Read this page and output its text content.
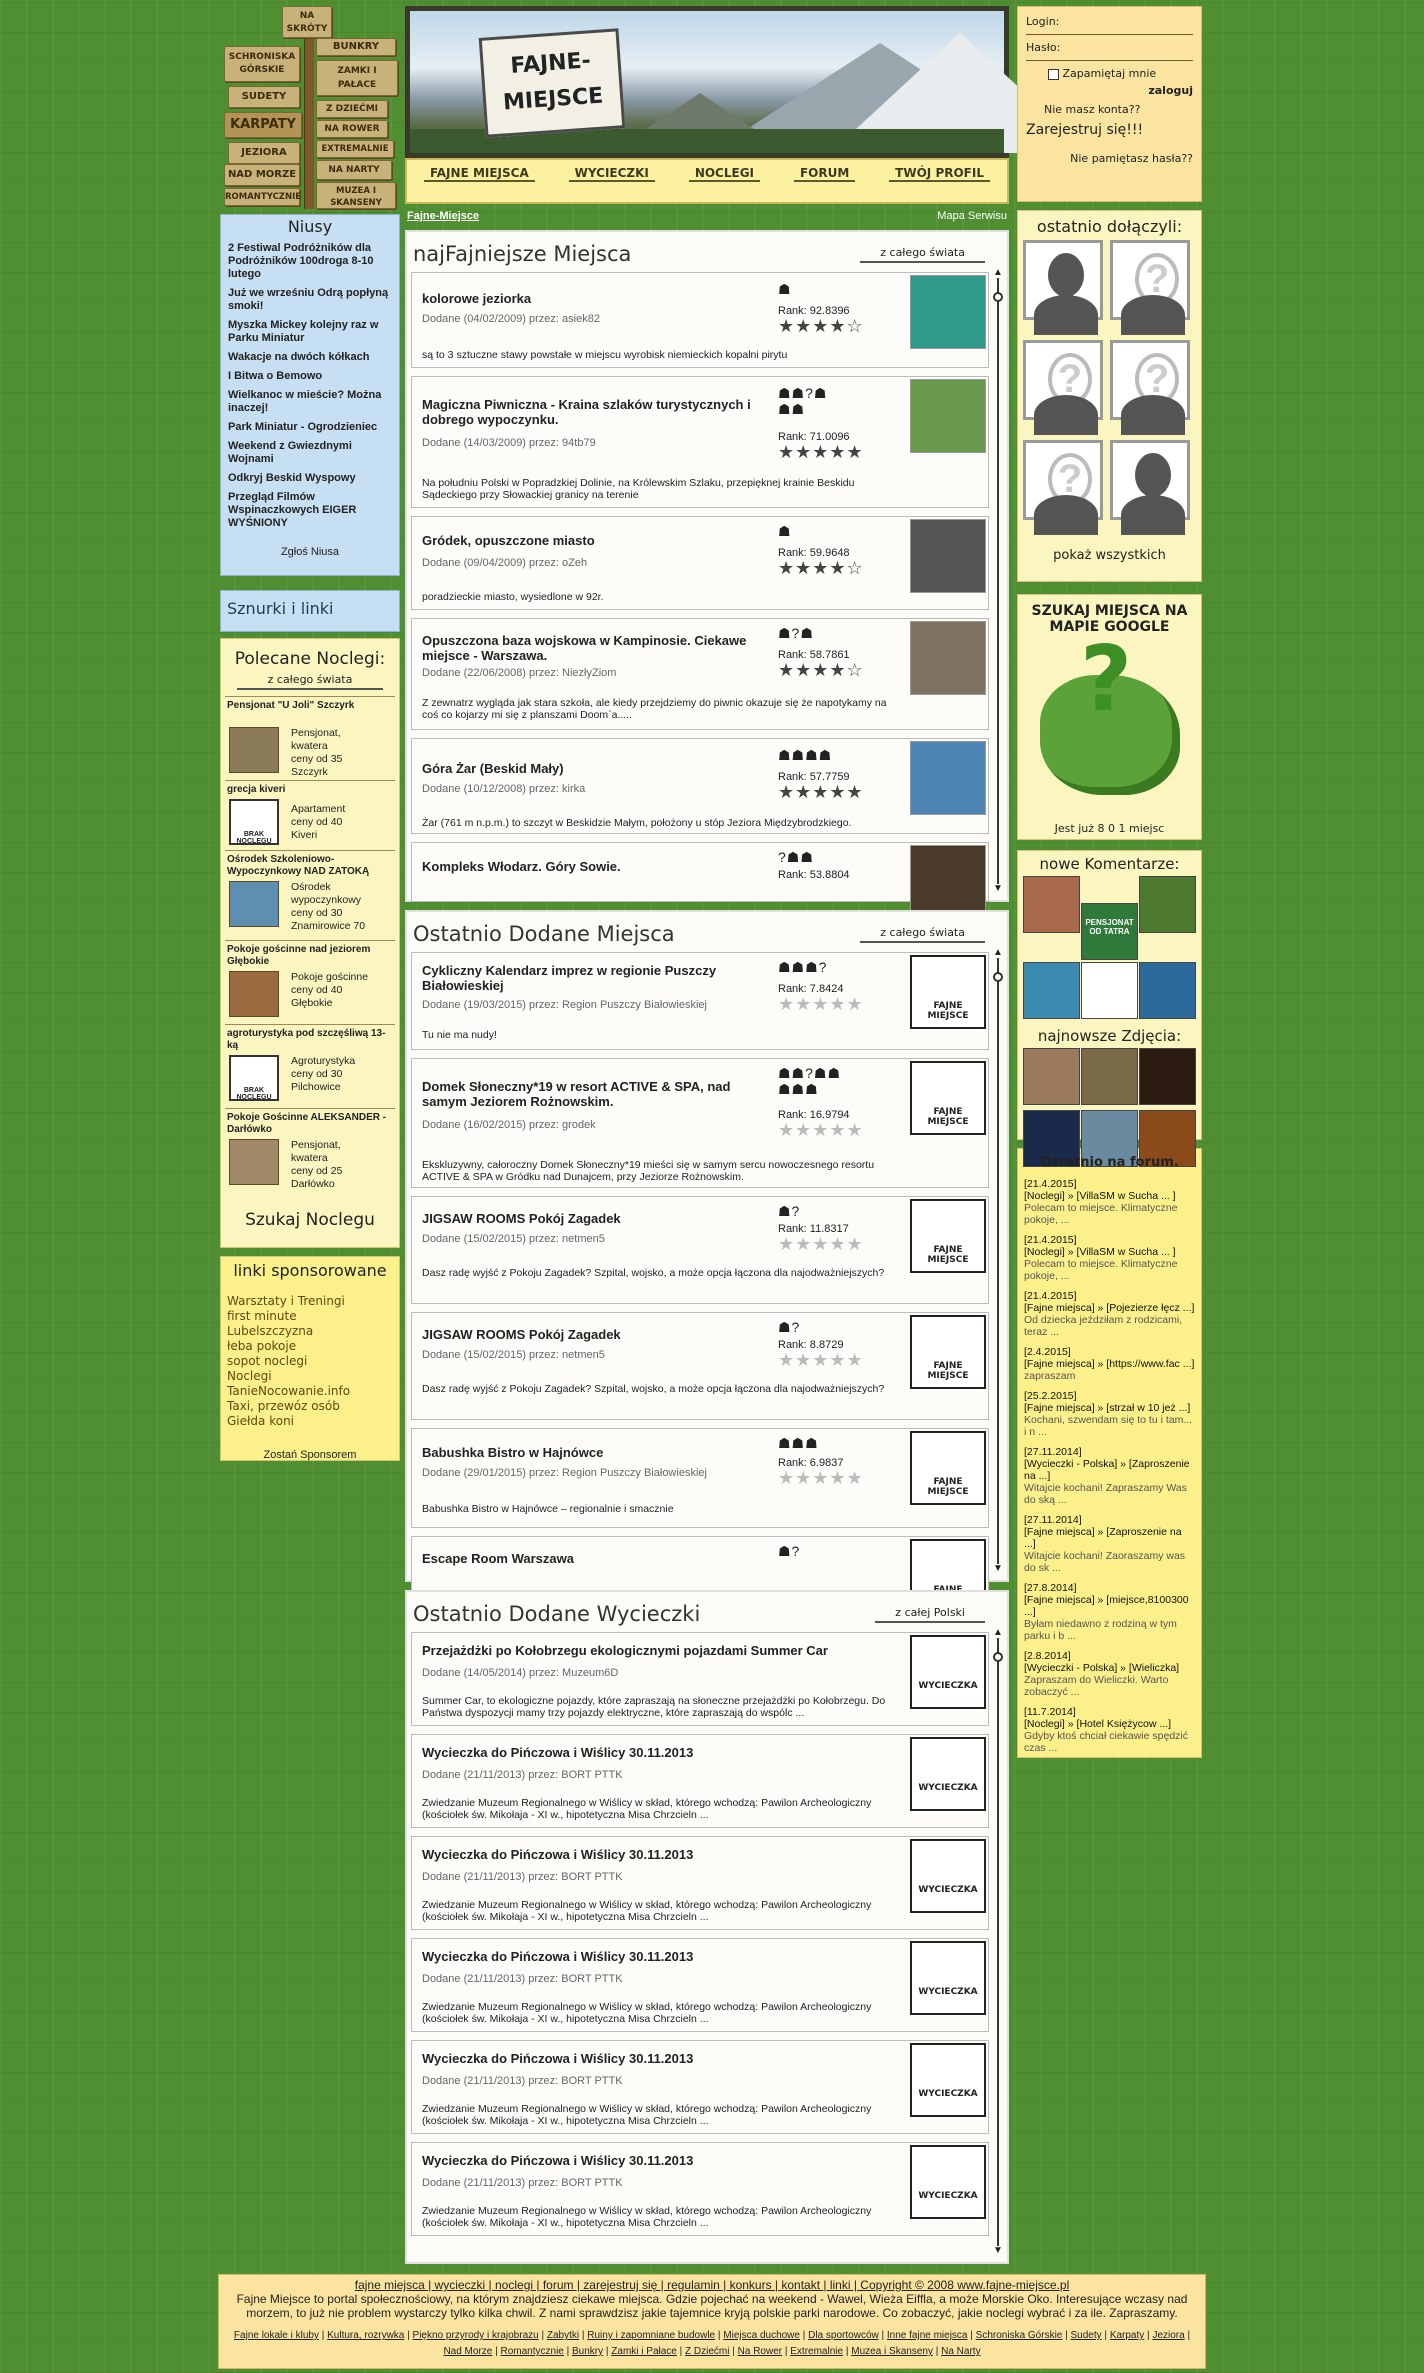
NA SKRÓTY
SCHRONISKA GÓRSKIE
SUDETY
KARPATY
JEZIORA
NAD MORZE
ROMANTYCZNIE
BUNKRY
ZAMKI I PAŁACE
Z DZIEĆMI
NA ROWER
EXTREMALNIE
NA NARTY
MUZEA I SKANSENY
FAJNE-
MIEJSCE
FAJNE MIEJSCA	WYCIECZKI	NOCLEGI	FORUM	TWÓJ PROFIL
Login:
Hasło:
Zapamiętaj mnie
zaloguj
Nie masz konta??
Zarejestruj się!!!
Nie pamiętasz hasła??
Niusy
2 Festiwal Podróżników dla Podróżników 100droga 8-10 lutego
Już we wrześniu Odrą popłyną smoki!
Myszka Mickey kolejny raz w Parku Miniatur
Wakacje na dwóch kółkach
I Bitwa o Bemowo
Wielkanoc w mieście? Można inaczej!
Park Miniatur - Ogrodzieniec
Weekend z Gwiezdnymi Wojnami
Odkryj Beskid Wyspowy
Przegląd Filmów Wspinaczkowych EIGER WYŚNIONY
Zgłoś Niusa
Sznurki i linki
Polecane Noclegi:
z całego świata
Pensjonat "U Joli" Szczyrk
Pensjonat,
kwatera
ceny od 35
Szczyrk
grecja kiveri
BRAK NOCLEGU
Apartament
ceny od 40
Kiveri
Ośrodek Szkoleniowo-Wypoczynkowy NAD ZATOKĄ
Ośrodek
wypoczynkowy
ceny od 30
Znamirowice 70
Pokoje gościnne nad jeziorem Głębokie
Pokoje gościnne
ceny od 40
Głębokie
agroturystyka pod szczęśliwą 13-ką
BRAK NOCLEGU
Agroturystyka
ceny od 30
Pilchowice
Pokoje Gościnne ALEKSANDER - Darłówko
Pensjonat,
kwatera
ceny od 25
Darłówko
Szukaj Noclegu
linki sponsorowane
Warsztaty i Treningi
first minute
Lubelszczyzna
łeba pokoje
sopot noclegi
Noclegi TanieNocowanie.info
Taxi, przewóz osób
Giełda koni
Zostań Sponsorem
Fajne-Miejsce	Mapa Serwisu
najFajniejsze Miejsca	z całego świata
▲
▼
kolorowe jeziorka
☗
Dodane (04/02/2009) przez: asiek82
Rank: 92.8396
★★★★☆
są to 3 sztuczne stawy powstałe w miejscu wyrobisk niemieckich kopalni pirytu
Magiczna Piwniczna - Kraina szlaków turystycznych i dobrego wypoczynku.
☗☗?☗ ☗☗
Dodane (14/03/2009) przez: 94tb79	Rank: 71.0096
★★★★★
Na południu Polski w Popradzkiej Dolinie, na Królewskim Szlaku, przepięknej krainie Beskidu Sądeckiego przy Słowackiej granicy na terenie
Gródek, opuszczone miasto
☗
Dodane (09/04/2009) przez: oZeh
Rank: 59.9648
★★★★☆
poradzieckie miasto, wysiedlone w 92r.
Opuszczona baza wojskowa w Kampinosie. Ciekawe miejsce - Warszawa.
☗?☗
Dodane (22/06/2008) przez: NiezłyZiom
Rank: 58.7861
★★★★☆
Z zewnatrz wygląda jak stara szkoła, ale kiedy przejdziemy do piwnic okazuje się że napotykamy na coś co kojarzy mi się z planszami Doom`a.....
Góra Żar (Beskid Mały)
☗☗☗☗
Dodane (10/12/2008) przez: kirka
Rank: 57.7759
★★★★★
Żar (761 m n.p.m.) to szczyt w Beskidzie Małym, położony u stóp Jeziora Międzybrodzkiego.
Kompleks Włodarz. Góry Sowie.
?☗☗
Rank: 53.8804
Ostatnio Dodane Miejsca	z całego świata
▲
▼
Cykliczny Kalendarz imprez w regionie Puszczy Białowieskiej
☗☗☗?
Dodane (19/03/2015) przez: Region Puszczy Białowieskiej
Rank: 7.8424
★★★★★
Tu nie ma nudy!
FAJNE MIEJSCE
Domek Słoneczny*19 w resort ACTIVE & SPA, nad samym Jeziorem Rożnowskim.
☗☗?☗☗ ☗☗☗
Dodane (16/02/2015) przez: grodek
Rank: 16.9794
★★★★★
Ekskluzywny, całoroczny Domek Słoneczny*19 mieści się w samym sercu nowoczesnego resortu ACTIVE & SPA w Gródku nad Dunajcem, przy Jeziorze Rożnowskim.
FAJNE MIEJSCE
JIGSAW ROOMS Pokój Zagadek	☗?
Dodane (15/02/2015) przez: netmen5
Rank: 11.8317
★★★★★
Dasz radę wyjść z Pokoju Zagadek? Szpital, wojsko, a może opcja łączona dla najodważniejszych?
FAJNE MIEJSCE
JIGSAW ROOMS Pokój Zagadek	☗?
Dodane (15/02/2015) przez: netmen5
Rank: 8.8729
★★★★★
Dasz radę wyjść z Pokoju Zagadek? Szpital, wojsko, a może opcja łączona dla najodważniejszych?
FAJNE MIEJSCE
Babushka Bistro w Hajnówce
☗☗☗
Dodane (29/01/2015) przez: Region Puszczy Białowieskiej
Rank: 6.9837
★★★★★
Babushka Bistro w Hajnówce – regionalnie i smacznie
FAJNE MIEJSCE
Escape Room Warszawa	☗?
Ostatnio Dodane Wycieczki	z całej Polski
▲
▼
Przejażdżki po Kołobrzegu ekologicznymi pojazdami Summer Car
Dodane (14/05/2014) przez: Muzeum6D
Summer Car, to ekologiczne pojazdy, które zapraszają na słoneczne przejażdżki po Kołobrzegu. Do Państwa dyspozycji mamy trzy pojazdy elektryczne, które zapraszają do wspólc ...
WYCIECZKA
Wycieczka do Pińczowa i Wiślicy 30.11.2013
Dodane (21/11/2013) przez: BORT PTTK
Zwiedzanie Muzeum Regionalnego w Wiślicy w skład, którego wchodzą: Pawilon Archeologiczny (kościołek św. Mikołaja - XI w., hipotetyczna Misa Chrzcieln ...
WYCIECZKA
Wycieczka do Pińczowa i Wiślicy 30.11.2013
Dodane (21/11/2013) przez: BORT PTTK
Zwiedzanie Muzeum Regionalnego w Wiślicy w skład, którego wchodzą: Pawilon Archeologiczny (kościołek św. Mikołaja - XI w., hipotetyczna Misa Chrzcieln ...
WYCIECZKA
Wycieczka do Pińczowa i Wiślicy 30.11.2013
Dodane (21/11/2013) przez: BORT PTTK
Zwiedzanie Muzeum Regionalnego w Wiślicy w skład, którego wchodzą: Pawilon Archeologiczny (kościołek św. Mikołaja - XI w., hipotetyczna Misa Chrzcieln ...
WYCIECZKA
Wycieczka do Pińczowa i Wiślicy 30.11.2013
Dodane (21/11/2013) przez: BORT PTTK
Zwiedzanie Muzeum Regionalnego w Wiślicy w skład, którego wchodzą: Pawilon Archeologiczny (kościołek św. Mikołaja - XI w., hipotetyczna Misa Chrzcieln ...
WYCIECZKA
Wycieczka do Pińczowa i Wiślicy 30.11.2013
Dodane (21/11/2013) przez: BORT PTTK
Zwiedzanie Muzeum Regionalnego w Wiślicy w skład, którego wchodzą: Pawilon Archeologiczny (kościołek św. Mikołaja - XI w., hipotetyczna Misa Chrzcieln ...
WYCIECZKA
ostatnio dołączyli:

?

?

?

?

pokaż wszystkich
SZUKAJ MIEJSCA NA MAPIE GOOGLE
?
Jest już 8 0 1 miejsc
nowe Komentarze:
PENSJONAT OD TATRA
najnowsze Zdjęcia:

Ostatnio na forum.
[21.4.2015]
[Noclegi] » [VillaSM w Sucha ... ]
Polecam to miejsce. Klimatyczne pokoje, ...
[21.4.2015]
[Noclegi] » [VillaSM w Sucha ... ]
Polecam to miejsce. Klimatyczne pokoje, ...
[21.4.2015]
[Fajne miejsca] » [Pojezierze łęcz ...]
Od dziecka jeździłam z rodzicami, teraz ...
[2.4.2015]
[Fajne miejsca] » [https://www.fac ...]
zapraszam
[25.2.2015]
[Fajne miejsca] » [strzał w 10 jeż ...]
Kochani, szwendam się to tu i tam... i n ...
[27.11.2014]
[Wycieczki - Polska] » [Zaproszenie na ...]
Witajcie kochani! Zapraszamy Was do ską ...
[27.11.2014]
[Fajne miejsca] » [Zaproszenie na ...]
Witajcie kochani! Zaoraszamy was do sk ...
[27.8.2014]
[Fajne miejsca] » [miejsce,8100300 ...]
Byłam niedawno z rodziną w tym parku i b ...
[2.8.2014]
[Wycieczki - Polska] » [Wieliczka]
Zapraszam do Wieliczki. Warto zobaczyć ...
[11.7.2014]
[Noclegi] » [Hotel Księżycow ...]
Gdyby ktoś chciał ciekawie spędzić czas ...
fajne miejsca | wycieczki | noclegi | forum | zarejestruj się | regulamin | konkurs | kontakt | linki | Copyright © 2008 www.fajne-miejsce.pl
Fajne Miejsce to portal społecznościowy, na którym znajdziesz ciekawe miejsca. Gdzie pojechać na weekend - Wawel, Wieża Eiffla, a może Morskie Oko. Interesujące wczasy nad morzem, to już nie problem wystarczy tylko kilka chwil. Z nami sprawdzisz jakie tajemnice kryją polskie parki narodowe. Co zobaczyć, jakie noclegi wybrać i za ile. Zapraszamy.
Fajne lokale i kluby | Kultura, rozrywka | Piękno przyrody i krajobrazu | Zabytki | Ruiny i zapomniane budowle | Miejsca duchowe | Dla sportowców | Inne fajne miejsca | Schroniska Górskie | Sudety | Karpaty | Jeziora | Nad Morze | Romantycznie | Bunkry | Zamki i Pałace | Z Dziećmi | Na Rower | Extremalnie | Muzea i Skanseny | Na Narty
